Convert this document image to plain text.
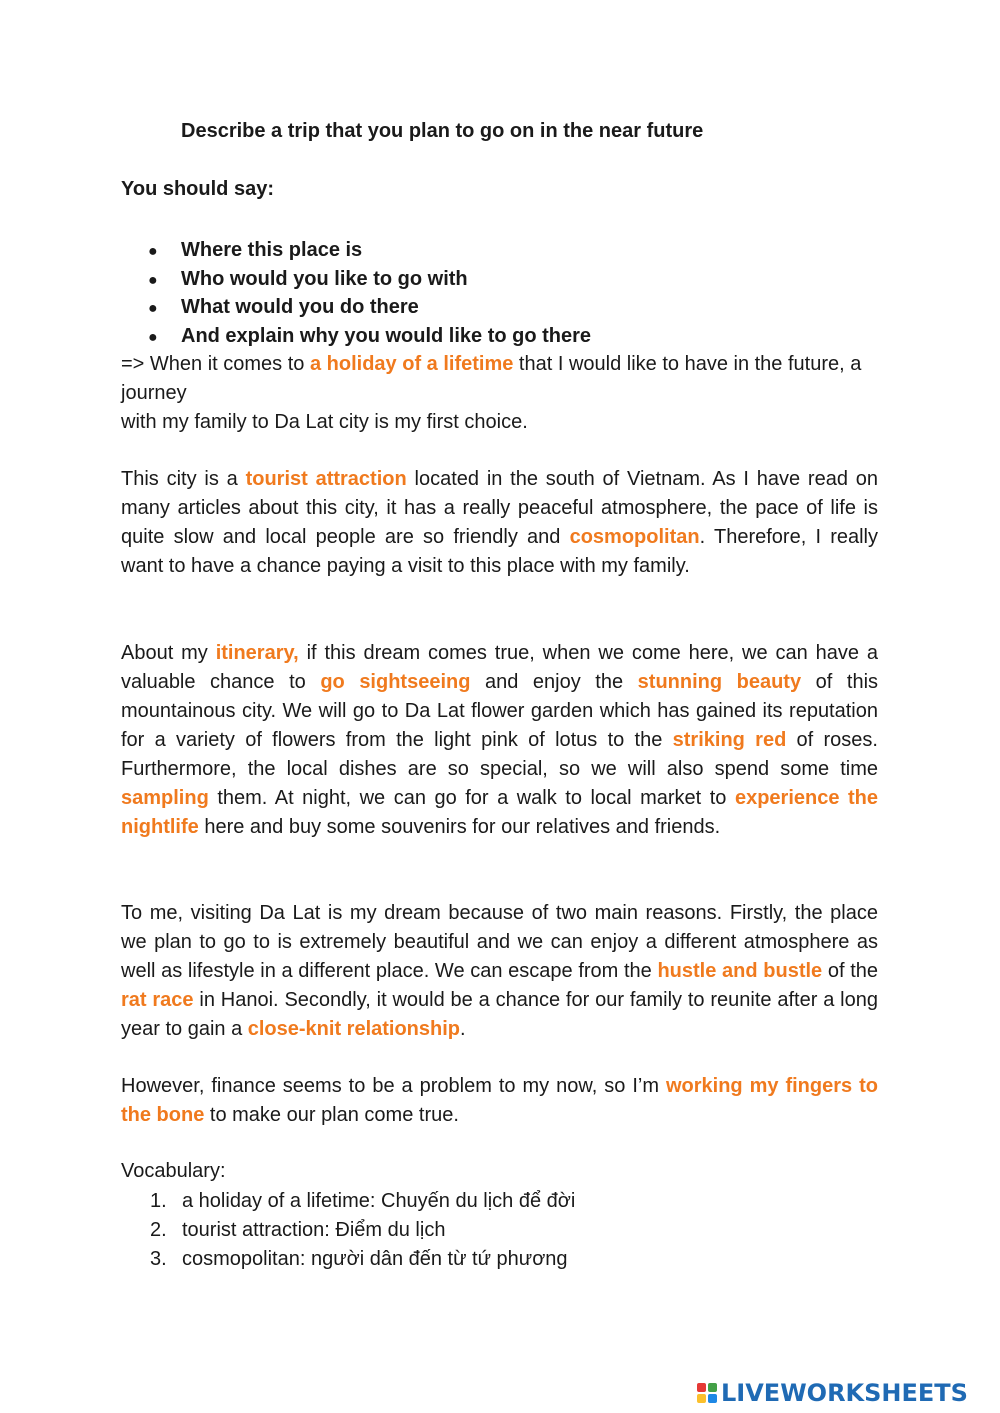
Describe a trip that you plan to go on in the near future

You should say:

● Where this place is
● Who would you like to go with
● What would you do there
● And explain why you would like to go there

=> When it comes to a holiday of a lifetime that I would like to have in the future, a journey
with my family to Da Lat city is my first choice.

This city is a tourist attraction located in the south of Vietnam. As I have read on many articles about this city, it has a really peaceful atmosphere, the pace of life is quite slow and local people are so friendly and cosmopolitan. Therefore, I really want to have a chance paying a visit to this place with my family.

About my itinerary, if this dream comes true, when we come here, we can have a valuable chance to go sightseeing and enjoy the stunning beauty of this mountainous city. We will go to Da Lat flower garden which has gained its reputation for a variety of flowers from the light pink of lotus to the striking red of roses. Furthermore, the local dishes are so special, so we will also spend some time sampling them. At night, we can go for a walk to local market to experience the nightlife here and buy some souvenirs for our relatives and friends.

To me, visiting Da Lat is my dream because of two main reasons. Firstly, the place we plan to go to is extremely beautiful and we can enjoy a different atmosphere as well as lifestyle in a different place. We can escape from the hustle and bustle of the rat race in Hanoi. Secondly, it would be a chance for our family to reunite after a long year to gain a close-knit relationship.

However, finance seems to be a problem to my now, so I’m working my fingers to the bone to make our plan come true.

Vocabulary:

1. a holiday of a lifetime: Chuyến du lịch để đời
2. tourist attraction: Điểm du lịch
3. cosmopolitan: người dân đến từ tứ phương
LIVEWORKSHEETS
